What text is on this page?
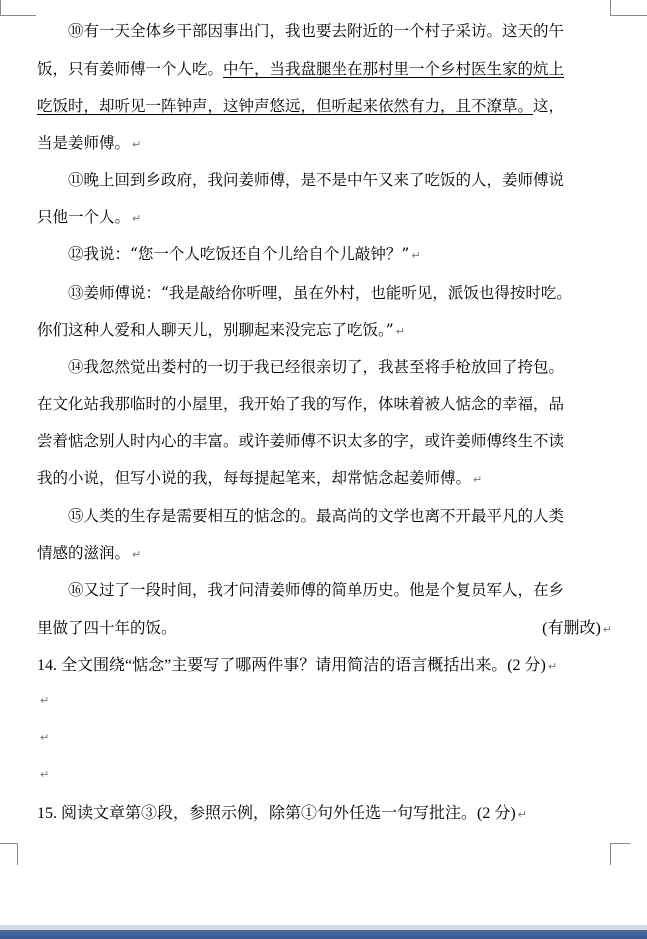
⑩有一天全体乡干部因事出门，我也要去附近的一个村子采访。这天的午
饭，只有姜师傅一个人吃。中午，当我盘腿坐在那村里一个乡村医生家的炕上
吃饭时，却听见一阵钟声，这钟声悠远，但听起来依然有力，且不潦草。这，
当是姜师傅。 ↵
⑪晚上回到乡政府，我问姜师傅，是不是中午又来了吃饭的人，姜师傅说
只他一个人。 ↵
⑫我说：“您一个人吃饭还自个儿给自个儿敲钟？” ↵
⑬姜师傅说：“我是敲给你听哩，虽在外村，也能听见，派饭也得按时吃。
你们这种人爱和人聊天儿，别聊起来没完忘了吃饭。” ↵
⑭我忽然觉出娄村的一切于我已经很亲切了，我甚至将手枪放回了挎包。
在文化站我那临时的小屋里，我开始了我的写作，体味着被人惦念的幸福，品
尝着惦念别人时内心的丰富。或许姜师傅不识太多的字，或许姜师傅终生不读
我的小说，但写小说的我，每每提起笔来，却常惦念起姜师傅。 ↵
⑮人类的生存是需要相互的惦念的。最高尚的文学也离不开最平凡的人类
情感的滋润。 ↵
⑯又过了一段时间，我才问清姜师傅的简单历史。他是个复员军人，在乡
里做了四十年的饭。	(有删改) ↵
14. 全文围绕“惦念”主要写了哪两件事？请用简洁的语言概括出来。(2 分) ↵
↵
↵
↵
15. 阅读文章第③段，参照示例，除第①句外任选一句写批注。(2 分) ↵
